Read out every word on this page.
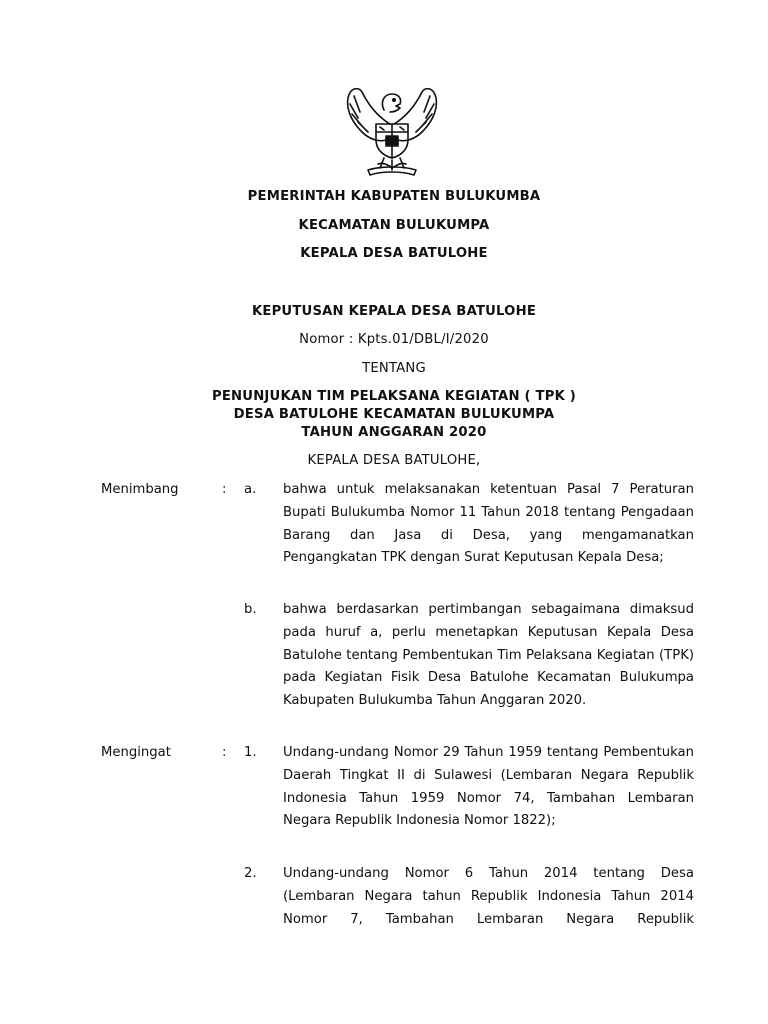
PEMERINTAH KABUPATEN BULUKUMBA
KECAMATAN BULUKUMPA
KEPALA DESA BATULOHE
KEPUTUSAN KEPALA DESA BATULOHE
Nomor : Kpts.01/DBL/I/2020
TENTANG
PENUNJUKAN TIM PELAKSANA KEGIATAN ( TPK )
DESA BATULOHE KECAMATAN BULUKUMPA
TAHUN ANGGARAN 2020
KEPALA DESA BATULOHE,
Menimbang	: a. bahwa untuk melaksanakan ketentuan Pasal 7 Peraturan Bupati Bulukumba Nomor 11 Tahun 2018 tentang Pengadaan Barang dan Jasa di Desa, yang mengamanatkan Pengangkatan TPK dengan Surat Keputusan Kepala Desa;
b. bahwa berdasarkan pertimbangan sebagaimana dimaksud pada huruf a, perlu menetapkan Keputusan Kepala Desa Batulohe tentang Pembentukan Tim Pelaksana Kegiatan (TPK) pada Kegiatan Fisik Desa Batulohe Kecamatan Bulukumpa Kabupaten Bulukumba Tahun Anggaran 2020.
Mengingat	: 1. Undang-undang Nomor 29 Tahun 1959 tentang Pembentukan Daerah Tingkat II di Sulawesi (Lembaran Negara Republik Indonesia Tahun 1959 Nomor 74, Tambahan Lembaran Negara Republik Indonesia Nomor 1822);
2. Undang-undang Nomor 6 Tahun 2014 tentang Desa (Lembaran Negara tahun Republik Indonesia Tahun 2014 Nomor 7, Tambahan Lembaran Negara Republik
